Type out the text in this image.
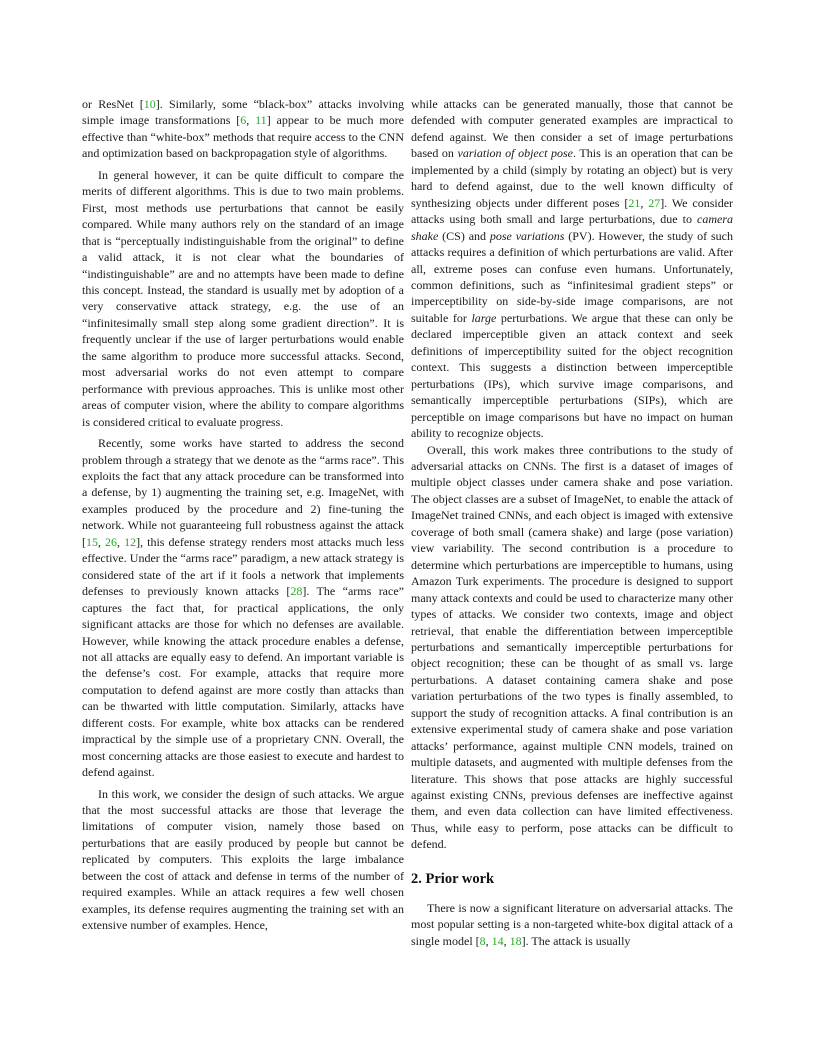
or ResNet [10]. Similarly, some “black-box” attacks involving simple image transformations [6, 11] appear to be much more effective than “white-box” methods that require access to the CNN and optimization based on backpropagation style of algorithms.

In general however, it can be quite difficult to compare the merits of different algorithms. This is due to two main problems. First, most methods use perturbations that cannot be easily compared. While many authors rely on the standard of an image that is “perceptually indistinguishable from the original” to define a valid attack, it is not clear what the boundaries of “indistinguishable” are and no attempts have been made to define this concept. Instead, the standard is usually met by adoption of a very conservative attack strategy, e.g. the use of an “infinitesimally small step along some gradient direction”. It is frequently unclear if the use of larger perturbations would enable the same algorithm to produce more successful attacks. Second, most adversarial works do not even attempt to compare performance with previous approaches. This is unlike most other areas of computer vision, where the ability to compare algorithms is considered critical to evaluate progress.

Recently, some works have started to address the second problem through a strategy that we denote as the “arms race”. This exploits the fact that any attack procedure can be transformed into a defense, by 1) augmenting the training set, e.g. ImageNet, with examples produced by the procedure and 2) fine-tuning the network. While not guaranteeing full robustness against the attack [15, 26, 12], this defense strategy renders most attacks much less effective. Under the “arms race” paradigm, a new attack strategy is considered state of the art if it fools a network that implements defenses to previously known attacks [28]. The “arms race” captures the fact that, for practical applications, the only significant attacks are those for which no defenses are available. However, while knowing the attack procedure enables a defense, not all attacks are equally easy to defend. An important variable is the defense’s cost. For example, attacks that require more computation to defend against are more costly than attacks than can be thwarted with little computation. Similarly, attacks have different costs. For example, white box attacks can be rendered impractical by the simple use of a proprietary CNN. Overall, the most concerning attacks are those easiest to execute and hardest to defend against.

In this work, we consider the design of such attacks. We argue that the most successful attacks are those that leverage the limitations of computer vision, namely those based on perturbations that are easily produced by people but cannot be replicated by computers. This exploits the large imbalance between the cost of attack and defense in terms of the number of required examples. While an attack requires a few well chosen examples, its defense requires augmenting the training set with an extensive number of examples. Hence,

while attacks can be generated manually, those that cannot be defended with computer generated examples are impractical to defend against. We then consider a set of image perturbations based on variation of object pose. This is an operation that can be implemented by a child (simply by rotating an object) but is very hard to defend against, due to the well known difficulty of synthesizing objects under different poses [21, 27]. We consider attacks using both small and large perturbations, due to camera shake (CS) and pose variations (PV). However, the study of such attacks requires a definition of which perturbations are valid. After all, extreme poses can confuse even humans. Unfortunately, common definitions, such as “infinitesimal gradient steps” or imperceptibility on side-by-side image comparisons, are not suitable for large perturbations. We argue that these can only be declared imperceptible given an attack context and seek definitions of imperceptibility suited for the object recognition context. This suggests a distinction between imperceptible perturbations (IPs), which survive image comparisons, and semantically imperceptible perturbations (SIPs), which are perceptible on image comparisons but have no impact on human ability to recognize objects.

Overall, this work makes three contributions to the study of adversarial attacks on CNNs. The first is a dataset of images of multiple object classes under camera shake and pose variation. The object classes are a subset of ImageNet, to enable the attack of ImageNet trained CNNs, and each object is imaged with extensive coverage of both small (camera shake) and large (pose variation) view variability. The second contribution is a procedure to determine which perturbations are imperceptible to humans, using Amazon Turk experiments. The procedure is designed to support many attack contexts and could be used to characterize many other types of attacks. We consider two contexts, image and object retrieval, that enable the differentiation between imperceptible perturbations and semantically imperceptible perturbations for object recognition; these can be thought of as small vs. large perturbations. A dataset containing camera shake and pose variation perturbations of the two types is finally assembled, to support the study of recognition attacks. A final contribution is an extensive experimental study of camera shake and pose variation attacks’ performance, against multiple CNN models, trained on multiple datasets, and augmented with multiple defenses from the literature. This shows that pose attacks are highly successful against existing CNNs, previous defenses are ineffective against them, and even data collection can have limited effectiveness. Thus, while easy to perform, pose attacks can be difficult to defend.

2. Prior work

There is now a significant literature on adversarial attacks. The most popular setting is a non-targeted white-box digital attack of a single model [8, 14, 18]. The attack is usually
